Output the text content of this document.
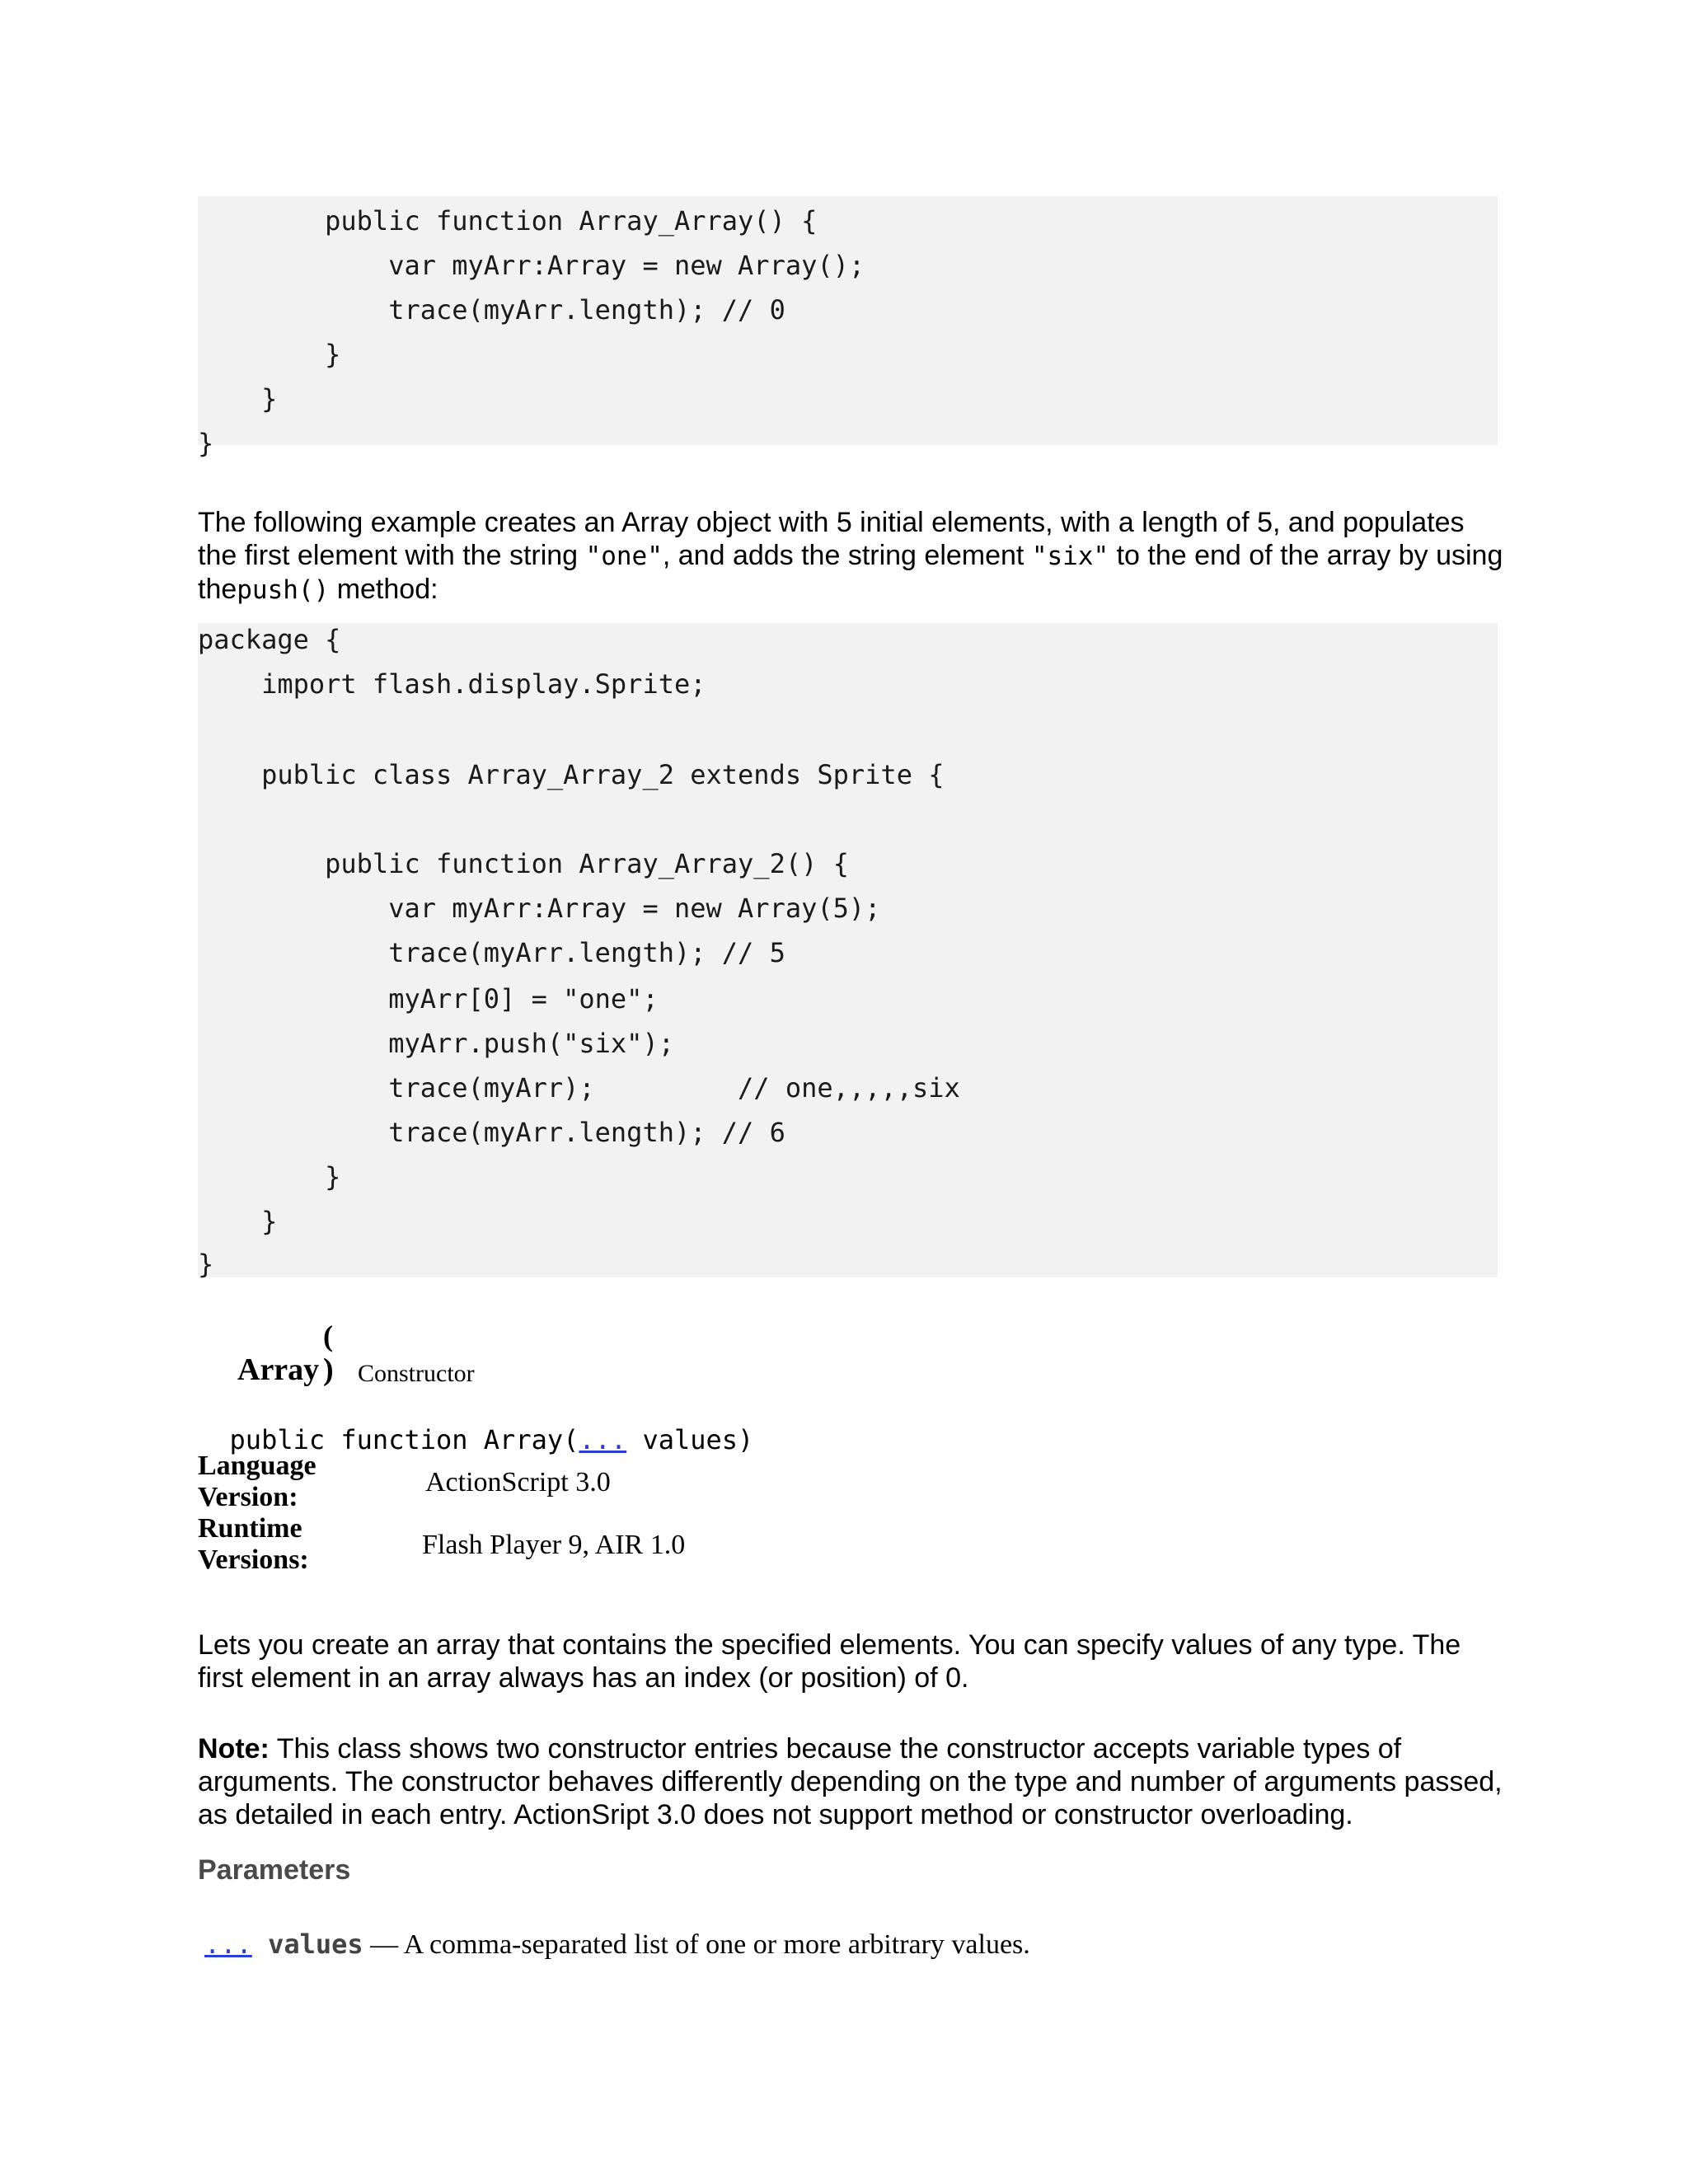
public function Array_Array() {
var myArr:Array = new Array();
trace(myArr.length); // 0
}
}
}
The following example creates an Array object with 5 initial elements, with a length of 5, and populates the first element with the string "one", and adds the string element "six" to the end of the array by using thepush() method:
package {
import flash.display.Sprite;
public class Array_Array_2 extends Sprite {
public function Array_Array_2() {
var myArr:Array = new Array(5);
trace(myArr.length); // 5
myArr[0] = "one";
myArr.push("six");
trace(myArr);         // one,,,,,six
trace(myArr.length); // 6
}
}
}
(
Array ) Constructor

public function Array(... values)

Language
Version:	ActionScript 3.0
Runtime
Versions:	Flash Player 9, AIR 1.0
Lets you create an array that contains the specified elements. You can specify values of any type. The first element in an array always has an index (or position) of 0.
Note: This class shows two constructor entries because the constructor accepts variable types of arguments. The constructor behaves differently depending on the type and number of arguments passed, as detailed in each entry. ActionSript 3.0 does not support method or constructor overloading.
Parameters

... values — A comma-separated list of one or more arbitrary values.
